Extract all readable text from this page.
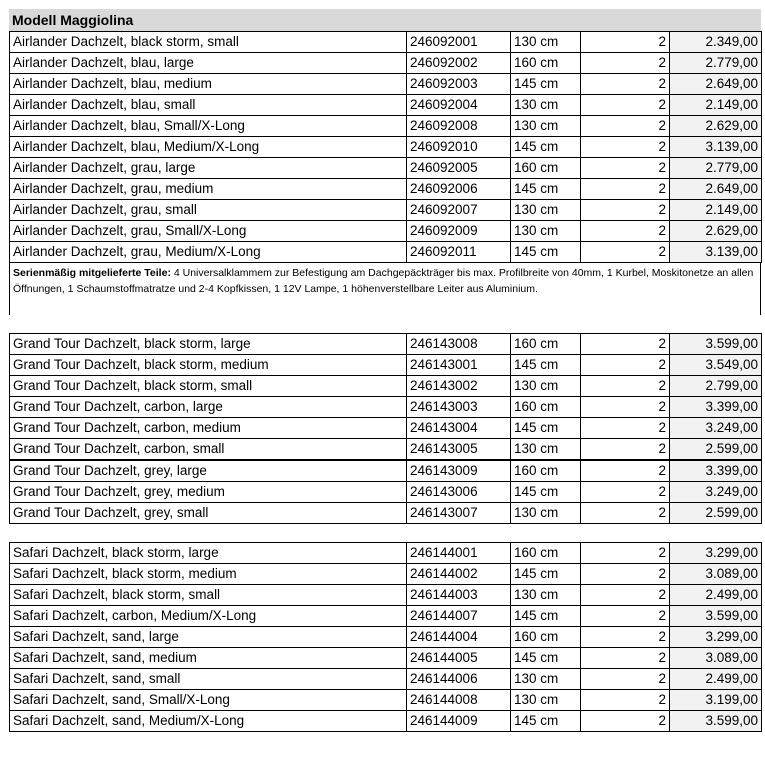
Modell Maggiolina
Airlander Dachzelt, black storm, small	246092001	130 cm	2	2.349,00
Airlander Dachzelt, blau, large	246092002	160 cm	2	2.779,00
Airlander Dachzelt, blau, medium	246092003	145 cm	2	2.649,00
Airlander Dachzelt, blau, small	246092004	130 cm	2	2.149,00
Airlander Dachzelt, blau, Small/X-Long	246092008	130 cm	2	2.629,00
Airlander Dachzelt, blau, Medium/X-Long	246092010	145 cm	2	3.139,00
Airlander Dachzelt, grau, large	246092005	160 cm	2	2.779,00
Airlander Dachzelt, grau, medium	246092006	145 cm	2	2.649,00
Airlander Dachzelt, grau, small	246092007	130 cm	2	2.149,00
Airlander Dachzelt, grau, Small/X-Long	246092009	130 cm	2	2.629,00
Airlander Dachzelt, grau, Medium/X-Long	246092011	145 cm	2	3.139,00
Serienmäßig mitgelieferte Teile: 4 Universalklammem zur Befestigung am Dachgepäckträger bis max. Profilbreite von 40mm, 1 Kurbel, Moskitonetze an allen Öffnungen, 1 Schaumstoffmatratze und 2-4 Kopfkissen, 1 12V Lampe, 1 höhenverstellbare Leiter aus Aluminium.
Grand Tour Dachzelt, black storm, large	246143008	160 cm	2	3.599,00
Grand Tour Dachzelt, black storm, medium	246143001	145 cm	2	3.549,00
Grand Tour Dachzelt, black storm, small	246143002	130 cm	2	2.799,00
Grand Tour Dachzelt, carbon, large	246143003	160 cm	2	3.399,00
Grand Tour Dachzelt, carbon, medium	246143004	145 cm	2	3.249,00
Grand Tour Dachzelt, carbon, small	246143005	130 cm	2	2.599,00
Grand Tour Dachzelt, grey, large	246143009	160 cm	2	3.399,00
Grand Tour Dachzelt, grey, medium	246143006	145 cm	2	3.249,00
Grand Tour Dachzelt, grey, small	246143007	130 cm	2	2.599,00
Safari Dachzelt, black storm, large	246144001	160 cm	2	3.299,00
Safari Dachzelt, black storm, medium	246144002	145 cm	2	3.089,00
Safari Dachzelt, black storm, small	246144003	130 cm	2	2.499,00
Safari Dachzelt, carbon, Medium/X-Long	246144007	145 cm	2	3.599,00
Safari Dachzelt, sand, large	246144004	160 cm	2	3.299,00
Safari Dachzelt, sand, medium	246144005	145 cm	2	3.089,00
Safari Dachzelt, sand, small	246144006	130 cm	2	2.499,00
Safari Dachzelt, sand, Small/X-Long	246144008	130 cm	2	3.199,00
Safari Dachzelt, sand, Medium/X-Long	246144009	145 cm	2	3.599,00
